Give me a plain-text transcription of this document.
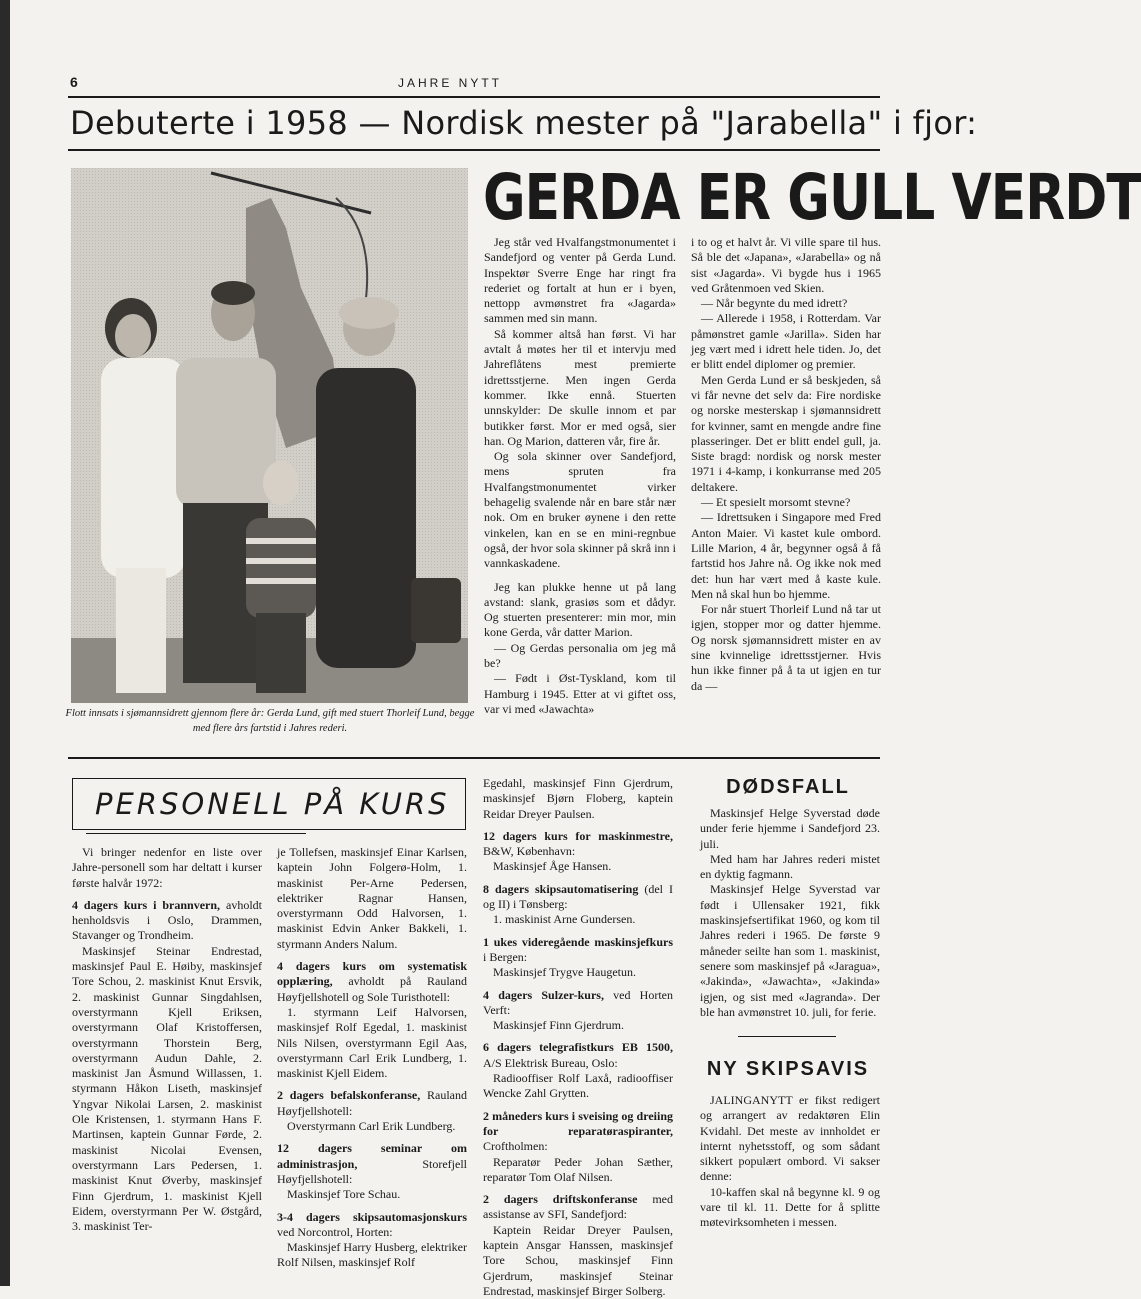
6	JAHRE NYTT
Debuterte i 1958 — Nordisk mester på "Jarabella" i fjor:
Flott innsats i sjømannsidrett gjennom flere år: Gerda Lund, gift med stuert Thorleif Lund, begge med flere års fartstid i Jahres rederi.
GERDA ER GULL VERDT

Jeg står ved Hvalfangstmonumentet i Sandefjord og venter på Gerda Lund. Inspektør Sverre Enge har ringt fra rederiet og fortalt at hun er i byen, nettopp avmønstret fra «Jagarda» sammen med sin mann.

Så kommer altså han først. Vi har avtalt å møtes her til et intervju med Jahreflåtens mest premierte idrettsstjerne. Men ingen Gerda kommer. Ikke ennå. Stuerten unnskylder: De skulle innom et par butikker først. Mor er med også, sier han. Og Marion, datteren vår, fire år.

Og sola skinner over Sandefjord, mens spruten fra Hvalfangstmonumentet virker behagelig svalende når en bare står nær nok. Om en bruker øynene i den rette vinkelen, kan en se en mini-regnbue også, der hvor sola skinner på skrå inn i vannkaskadene.

Jeg kan plukke henne ut på lang avstand: slank, grasiøs som et dådyr. Og stuerten presenterer: min mor, min kone Gerda, vår datter Marion.

— Og Gerdas personalia om jeg må be?

— Født i Øst-Tyskland, kom til Hamburg i 1945. Etter at vi giftet oss, var vi med «Jawachta»

i to og et halvt år. Vi ville spare til hus. Så ble det «Japana», «Jarabella» og nå sist «Jagarda». Vi bygde hus i 1965 ved Gråtenmoen ved Skien.

— Når begynte du med idrett?

— Allerede i 1958, i Rotterdam. Var påmønstret gamle «Jarilla». Siden har jeg vært med i idrett hele tiden. Jo, det er blitt endel diplomer og premier.

Men Gerda Lund er så beskjeden, så vi får nevne det selv da: Fire nordiske og norske mesterskap i sjømannsidrett for kvinner, samt en mengde andre fine plasseringer. Det er blitt endel gull, ja. Siste bragd: nordisk og norsk mester 1971 i 4-kamp, i konkurranse med 205 deltakere.

— Et spesielt morsomt stevne?

— Idrettsuken i Singapore med Fred Anton Maier. Vi kastet kule ombord. Lille Marion, 4 år, begynner også å få fartstid hos Jahre nå. Og ikke nok med det: hun har vært med å kaste kule. Men nå skal hun bo hjemme.

For når stuert Thorleif Lund nå tar ut igjen, stopper mor og datter hjemme. Og norsk sjømannsidrett mister en av sine kvinnelige idrettsstjerner. Hvis hun ikke finner på å ta ut igjen en tur da —

PERSONELL PÅ KURS

Vi bringer nedenfor en liste over Jahre-personell som har deltatt i kurser første halvår 1972:

4 dagers kurs i brannvern, avholdt henholdsvis i Oslo, Drammen, Stavanger og Trondheim.

Maskinsjef Steinar Endrestad, maskinsjef Paul E. Høiby, maskinsjef Tore Schou, 2. maskinist Knut Ersvik, 2. maskinist Gunnar Singdahlsen, overstyrmann Kjell Eriksen, overstyrmann Olaf Kristoffersen, overstyrmann Thorstein Berg, overstyrmann Audun Dahle, 2. maskinist Jan Åsmund Willassen, 1. styrmann Håkon Liseth, maskinsjef Yngvar Nikolai Larsen, 2. maskinist Ole Kristensen, 1. styrmann Hans F. Martinsen, kaptein Gunnar Førde, 2. maskinist Nicolai Evensen, overstyrmann Lars Pedersen, 1. maskinist Knut Øverby, maskinsjef Finn Gjerdrum, 1. maskinist Kjell Eidem, overstyrmann Per W. Østgård, 3. maskinist Ter-

je Tollefsen, maskinsjef Einar Karlsen, kaptein John Folgerø-Holm, 1. maskinist Per-Arne Pedersen, elektriker Ragnar Hansen, overstyrmann Odd Halvorsen, 1. maskinist Edvin Anker Bakkeli, 1. styrmann Anders Nalum.

4 dagers kurs om systematisk opplæring, avholdt på Rauland Høyfjellshotell og Sole Turisthotell:

1. styrmann Leif Halvorsen, maskinsjef Rolf Egedal, 1. maskinist Nils Nilsen, overstyrmann Egil Aas, overstyrmann Carl Erik Lundberg, 1. maskinist Kjell Eidem.

2 dagers befalskonferanse, Rauland Høyfjellshotell:

Overstyrmann Carl Erik Lundberg.

12 dagers seminar om administrasjon, Storefjell Høyfjellshotell:

Maskinsjef Tore Schau.

3-4 dagers skipsautomasjonskurs ved Norcontrol, Horten:

Maskinsjef Harry Husberg, elektriker Rolf Nilsen, maskinsjef Rolf

Egedahl, maskinsjef Finn Gjerdrum, maskinsjef Bjørn Floberg, kaptein Reidar Dreyer Paulsen.

12 dagers kurs for maskinmestre, B&W, København:

Maskinsjef Åge Hansen.

8 dagers skipsautomatisering (del I og II) i Tønsberg:

1. maskinist Arne Gundersen.

1 ukes videregående maskinsjefkurs i Bergen:

Maskinsjef Trygve Haugetun.

4 dagers Sulzer-kurs, ved Horten Verft:

Maskinsjef Finn Gjerdrum.

6 dagers telegrafistkurs EB 1500, A/S Elektrisk Bureau, Oslo:

Radiooffiser Rolf Laxå, radiooffiser Wencke Zahl Grytten.

2 måneders kurs i sveising og dreiing for reparatøraspiranter, Croftholmen:

Reparatør Peder Johan Sæther, reparatør Tom Olaf Nilsen.

2 dagers driftskonferanse med assistanse av SFI, Sandefjord:

Kaptein Reidar Dreyer Paulsen, kaptein Ansgar Hanssen, maskinsjef Tore Schou, maskinsjef Finn Gjerdrum, maskinsjef Steinar Endrestad, maskinsjef Birger Solberg.

DØDSFALL

Maskinsjef Helge Syverstad døde under ferie hjemme i Sandefjord 23. juli.

Med ham har Jahres rederi mistet en dyktig fagmann.

Maskinsjef Helge Syverstad var født i Ullensaker 1921, fikk maskinsjefsertifikat 1960, og kom til Jahres rederi i 1965. De første 9 måneder seilte han som 1. maskinist, senere som maskinsjef på «Jaragua», «Jakinda», «Jawachta», «Jakinda» igjen, og sist med «Jagranda». Der ble han avmønstret 10. juli, for ferie.

NY SKIPSAVIS

JALINGANYTT er fikst redigert og arrangert av redaktøren Elin Kvidahl. Det meste av innholdet er internt nyhetsstoff, og som sådant sikkert populært ombord. Vi sakser denne:

10-kaffen skal nå begynne kl. 9 og vare til kl. 11. Dette for å splitte møtevirksomheten i messen.
